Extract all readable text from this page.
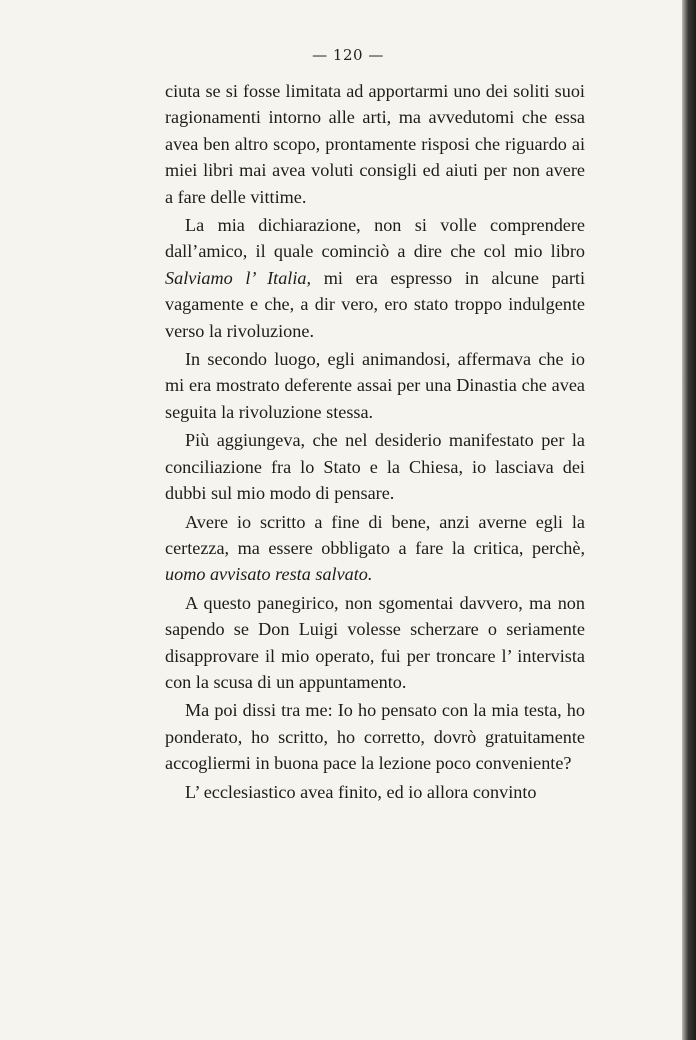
— 120 —

ciuta se si fosse limitata ad apportarmi uno dei soliti suoi ragionamenti intorno alle arti, ma avvedutomi che essa avea ben altro scopo, prontamente risposi che riguardo ai miei libri mai avea voluti consigli ed aiuti per non avere a fare delle vittime.

La mia dichiarazione, non si volle comprendere dall’amico, il quale cominciò a dire che col mio libro Salviamo l’ Italia, mi era espresso in alcune parti vagamente e che, a dir vero, ero stato troppo indulgente verso la rivoluzione.

In secondo luogo, egli animandosi, affermava che io mi era mostrato deferente assai per una Dinastia che avea seguita la rivoluzione stessa.

Più aggiungeva, che nel desiderio manifestato per la conciliazione fra lo Stato e la Chiesa, io lasciava dei dubbi sul mio modo di pensare.

Avere io scritto a fine di bene, anzi averne egli la certezza, ma essere obbligato a fare la critica, perchè, uomo avvisato resta salvato.

A questo panegirico, non sgomentai davvero, ma non sapendo se Don Luigi volesse scherzare o seriamente disapprovare il mio operato, fui per troncare l’ intervista con la scusa di un appuntamento.

Ma poi dissi tra me: Io ho pensato con la mia testa, ho ponderato, ho scritto, ho corretto, dovrò gratuitamente accogliermi in buona pace la lezione poco conveniente?

L’ ecclesiastico avea finito, ed io allora convinto
